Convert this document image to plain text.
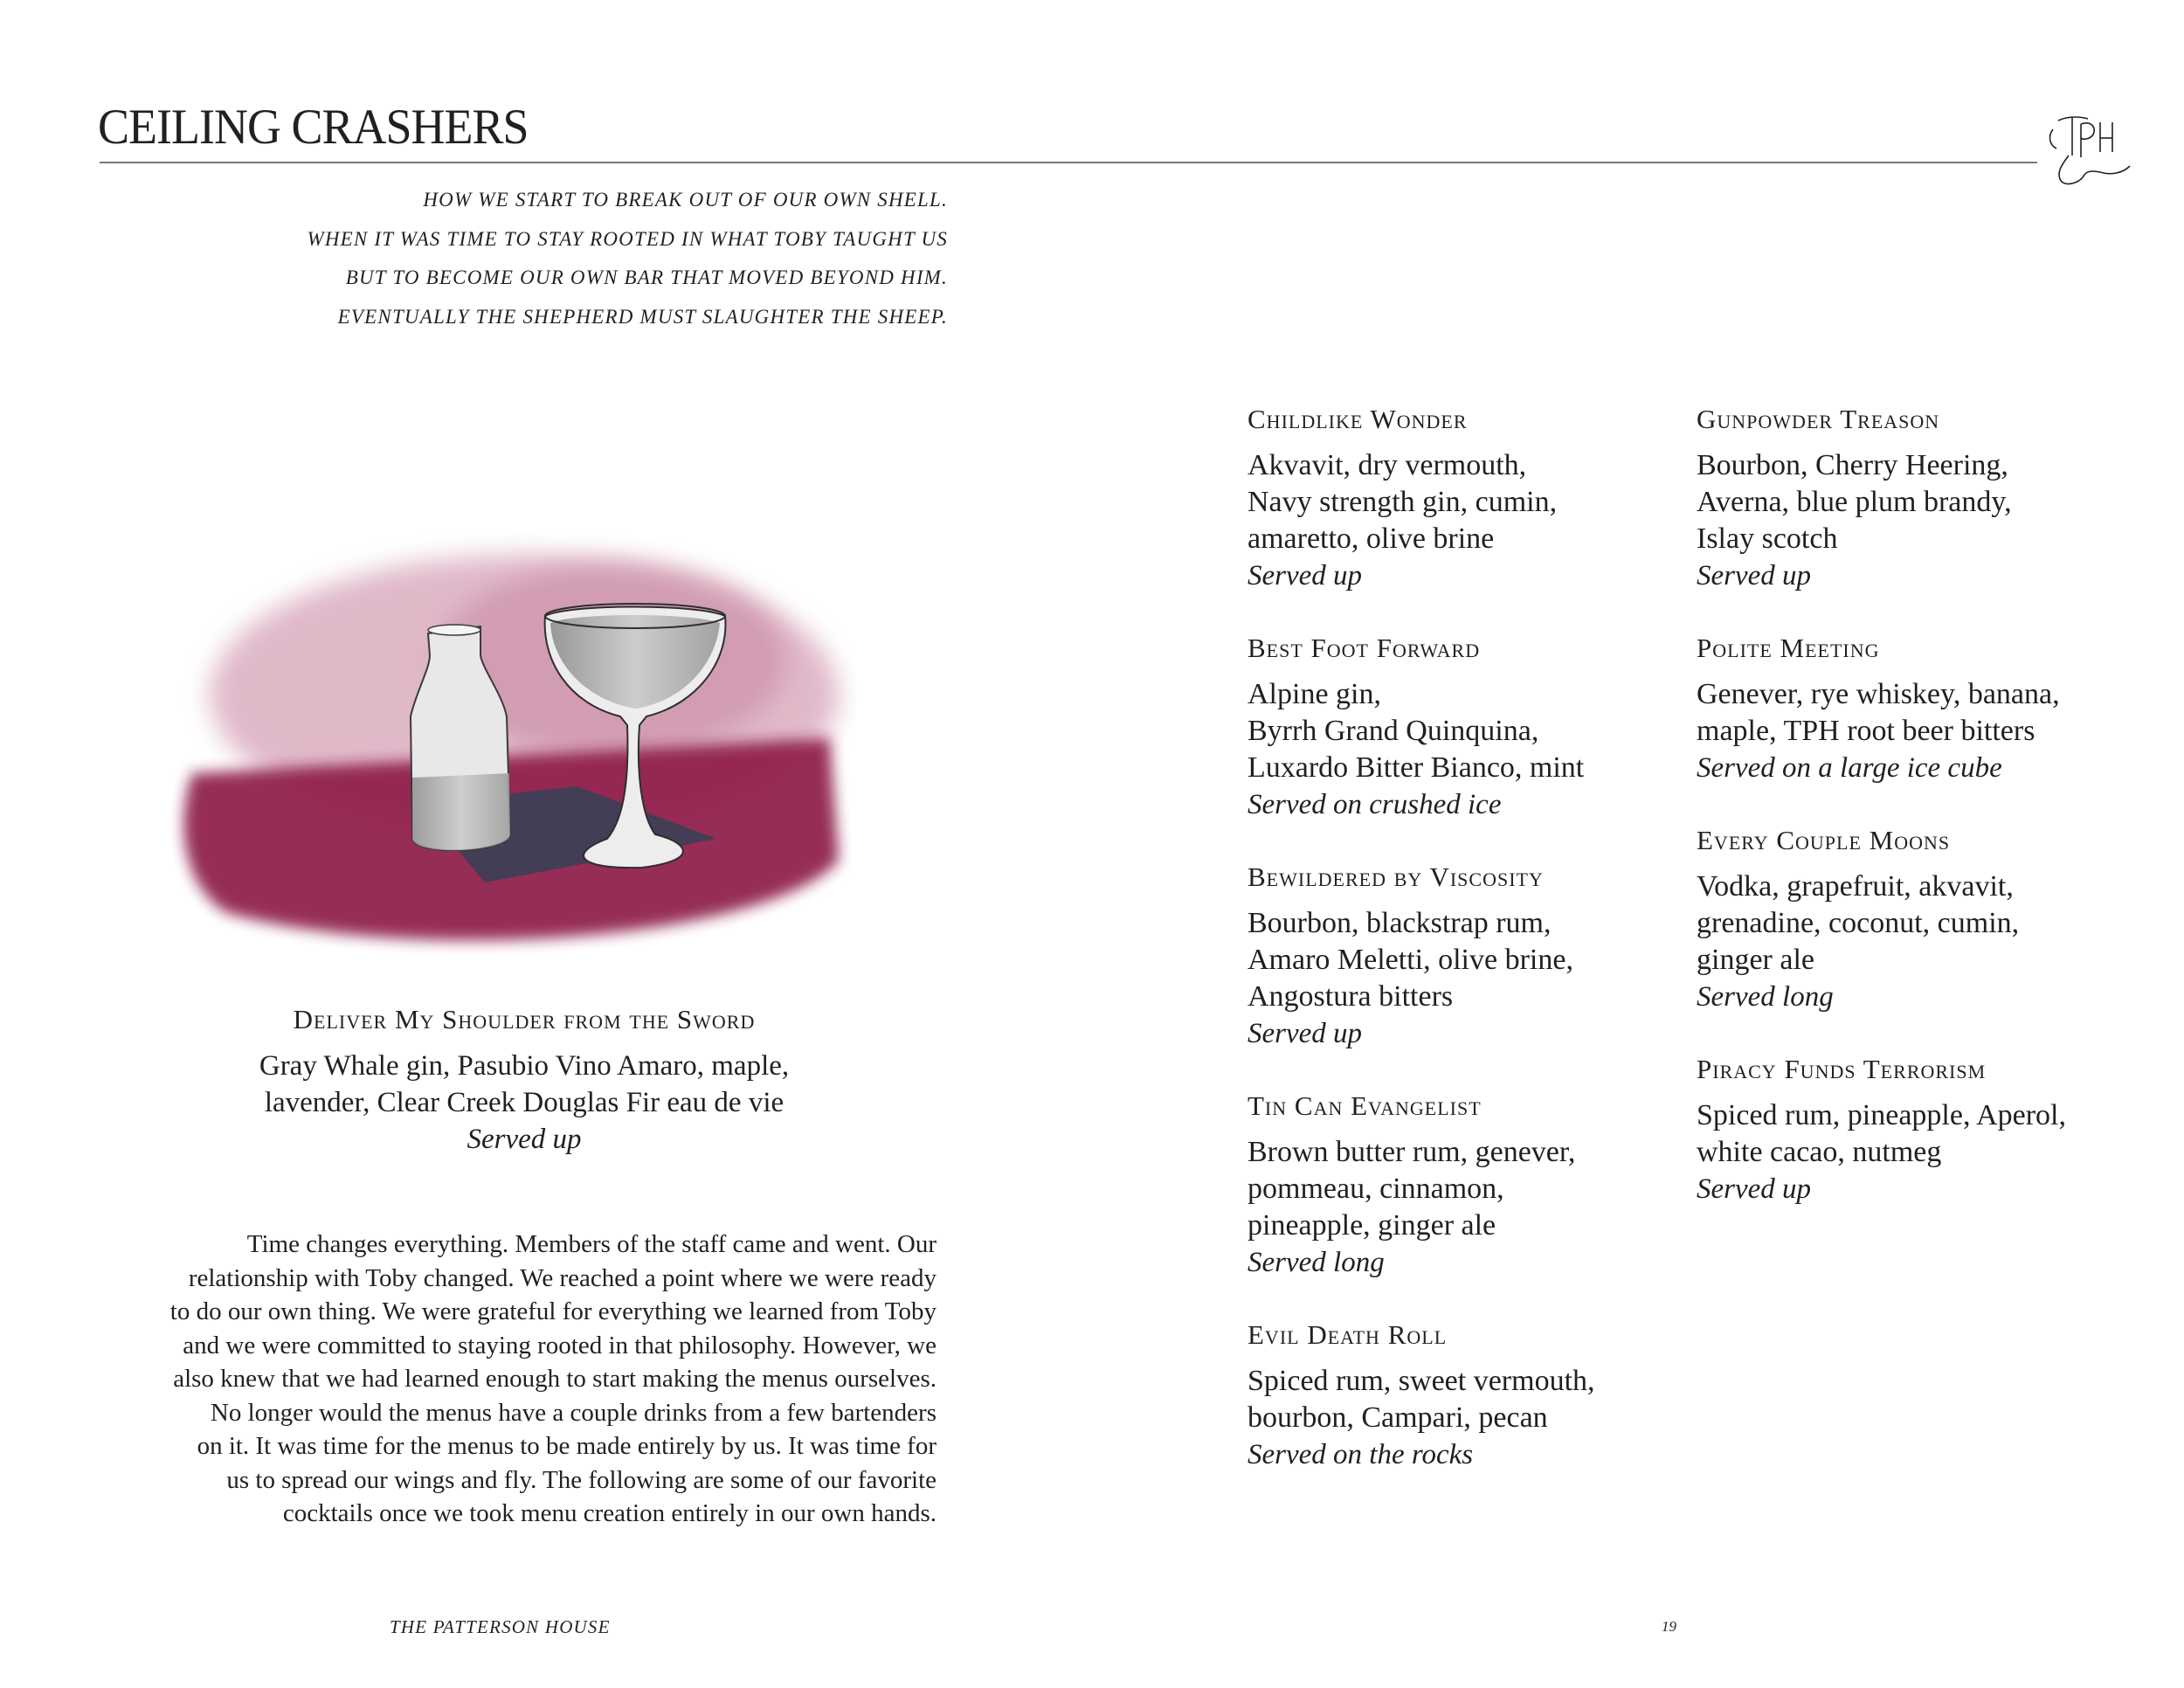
CEILING CRASHERS
HOW WE START TO BREAK OUT OF OUR OWN SHELL.
WHEN IT WAS TIME TO STAY ROOTED IN WHAT TOBY TAUGHT US
BUT TO BECOME OUR OWN BAR THAT MOVED BEYOND HIM.
EVENTUALLY THE SHEPHERD MUST SLAUGHTER THE SHEEP.
Deliver My Shoulder from the Sword
Gray Whale gin, Pasubio Vino Amaro, maple,
lavender, Clear Creek Douglas Fir eau de vie
Served up
Time changes everything. Members of the staff came and went. Our
relationship with Toby changed. We reached a point where we were ready
to do our own thing. We were grateful for everything we learned from Toby
and we were committed to staying rooted in that philosophy. However, we
also knew that we had learned enough to start making the menus ourselves.
No longer would the menus have a couple drinks from a few bartenders
on it. It was time for the menus to be made entirely by us. It was time for
us to spread our wings and fly. The following are some of our favorite
cocktails once we took menu creation entirely in our own hands.
THE PATTERSON HOUSE	19
Childlike Wonder
Akvavit, dry vermouth,
Navy strength gin, cumin,
amaretto, olive brine
Served up
Best Foot Forward
Alpine gin,
Byrrh Grand Quinquina,
Luxardo Bitter Bianco, mint
Served on crushed ice
Bewildered by Viscosity
Bourbon, blackstrap rum,
Amaro Meletti, olive brine,
Angostura bitters
Served up
Tin Can Evangelist
Brown butter rum, genever,
pommeau, cinnamon,
pineapple, ginger ale
Served long
Evil Death Roll
Spiced rum, sweet vermouth,
bourbon, Campari, pecan
Served on the rocks
Gunpowder Treason
Bourbon, Cherry Heering,
Averna, blue plum brandy,
Islay scotch
Served up
Polite Meeting
Genever, rye whiskey, banana,
maple, TPH root beer bitters
Served on a large ice cube
Every Couple Moons
Vodka, grapefruit, akvavit,
grenadine, coconut, cumin,
ginger ale
Served long
Piracy Funds Terrorism
Spiced rum, pineapple, Aperol,
white cacao, nutmeg
Served up
